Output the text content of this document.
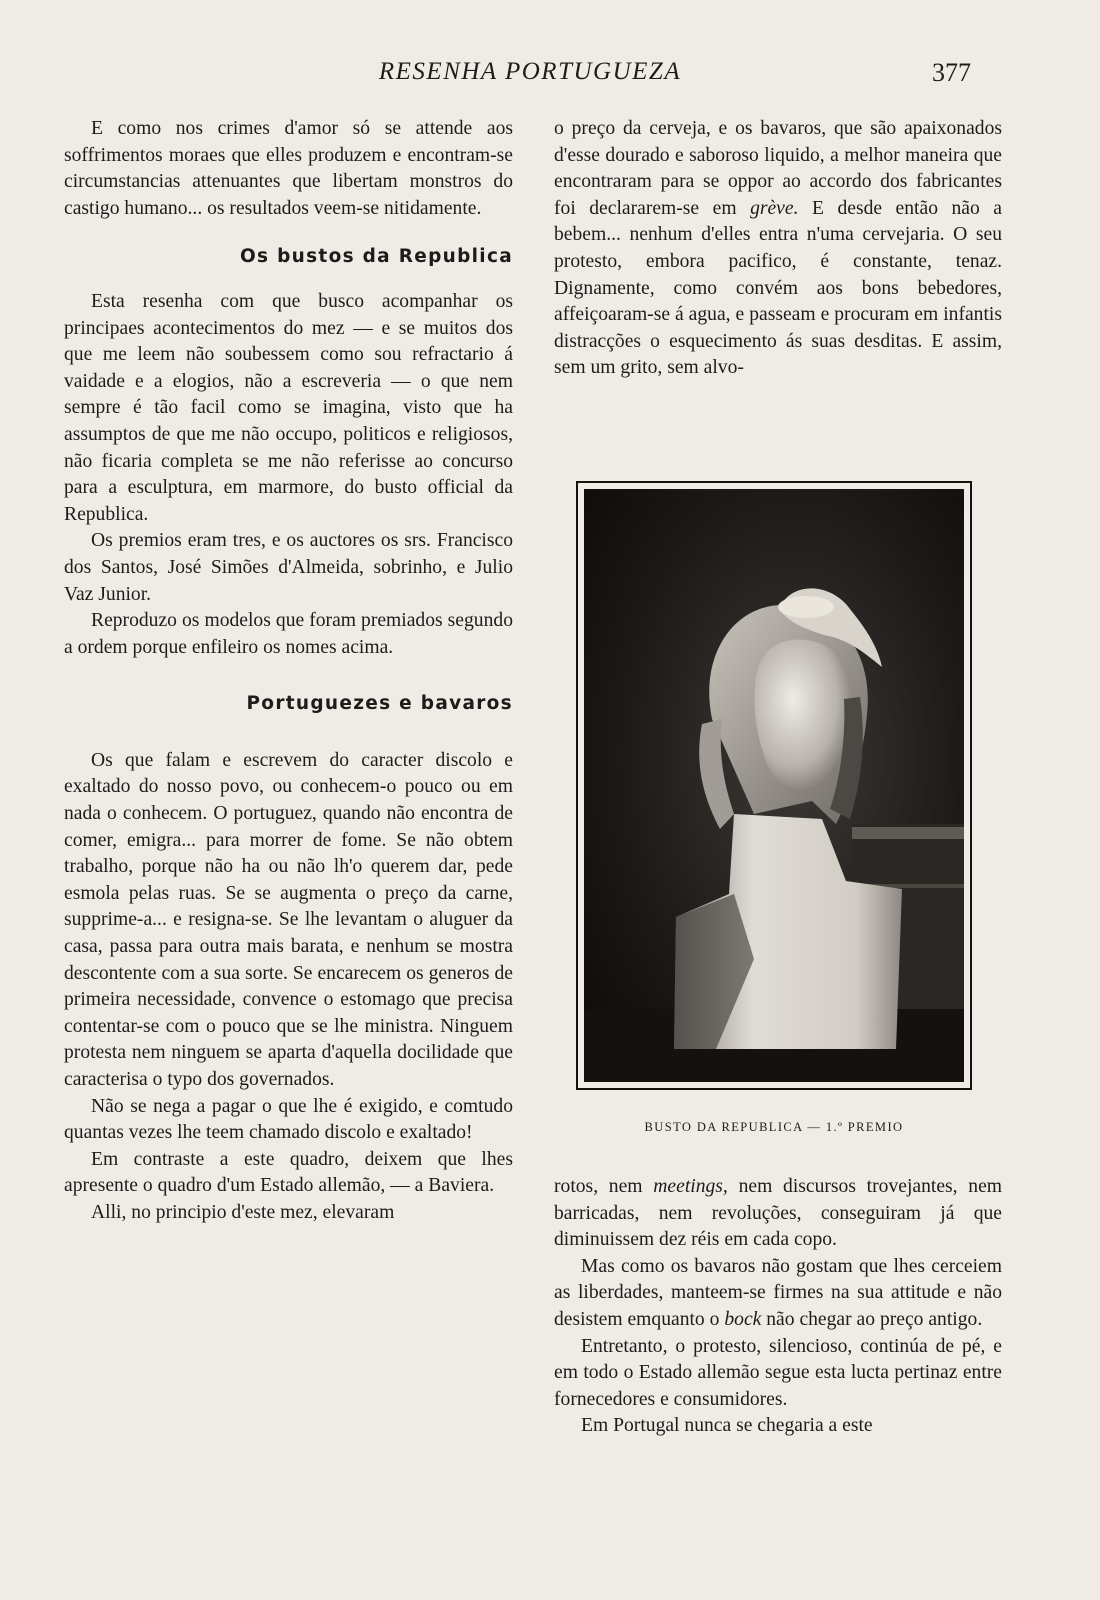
RESENHA PORTUGUEZA	377

E como nos crimes d'amor só se attende aos soffrimentos moraes que elles produzem e encontram-se circumstancias attenuantes que libertam monstros do castigo humano... os resultados veem-se nitidamente.

Os bustos da Republica

Esta resenha com que busco acompanhar os principaes acontecimentos do mez — e se muitos dos que me leem não soubessem como sou refractario á vaidade e a elogios, não a escreveria — o que nem sempre é tão facil como se imagina, visto que ha assumptos de que me não occupo, politicos e religiosos, não ficaria completa se me não referisse ao concurso para a esculptura, em marmore, do busto official da Republica.

Os premios eram tres, e os auctores os srs. Francisco dos Santos, José Simões d'Almeida, sobrinho, e Julio Vaz Junior.

Reproduzo os modelos que foram premiados segundo a ordem porque enfileiro os nomes acima.

Portuguezes e bavaros

Os que falam e escrevem do caracter discolo e exaltado do nosso povo, ou conhecem-o pouco ou em nada o conhecem. O portuguez, quando não encontra de comer, emigra... para morrer de fome. Se não obtem trabalho, porque não ha ou não lh'o querem dar, pede esmola pelas ruas. Se se augmenta o preço da carne, supprime-a... e resigna-se. Se lhe levantam o aluguer da casa, passa para outra mais barata, e nenhum se mostra descontente com a sua sorte. Se encarecem os generos de primeira necessidade, convence o estomago que precisa contentar-se com o pouco que se lhe ministra. Ninguem protesta nem ninguem se aparta d'aquella docilidade que caracterisa o typo dos governados.

Não se nega a pagar o que lhe é exigido, e comtudo quantas vezes lhe teem chamado discolo e exaltado!

Em contraste a este quadro, deixem que lhes apresente o quadro d'um Estado allemão, — a Baviera.

Alli, no principio d'este mez, elevaram

o preço da cerveja, e os bavaros, que são apaixonados d'esse dourado e saboroso liquido, a melhor maneira que encontraram para se oppor ao accordo dos fabricantes foi declararem-se em grève. E desde então não a bebem... nenhum d'elles entra n'uma cervejaria. O seu protesto, embora pacifico, é constante, tenaz. Dignamente, como convém aos bons bebedores, affeiçoaram-se á agua, e passeam e procuram em infantis distracções o esquecimento ás suas desditas. E assim, sem um grito, sem alvo-

BUSTO DA REPUBLICA — 1.º PREMIO

rotos, nem meetings, nem discursos trovejantes, nem barricadas, nem revoluções, conseguiram já que diminuissem dez réis em cada copo.

Mas como os bavaros não gostam que lhes cerceiem as liberdades, manteem-se firmes na sua attitude e não desistem emquanto o bock não chegar ao preço antigo.

Entretanto, o protesto, silencioso, continúa de pé, e em todo o Estado allemão segue esta lucta pertinaz entre fornecedores e consumidores.

Em Portugal nunca se chegaria a este
